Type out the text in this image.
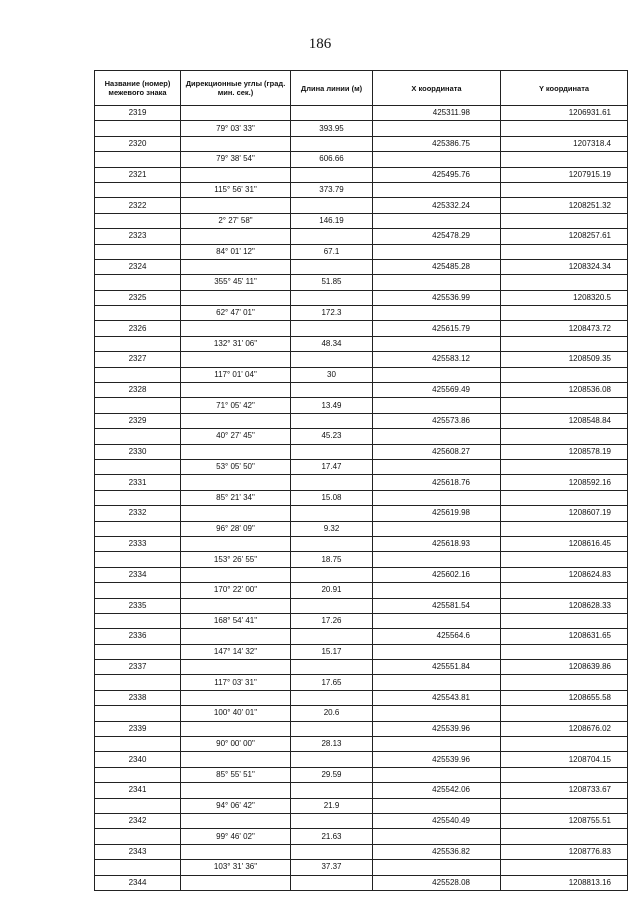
186
Название (номер) межевого знака	Дирекционные углы (град. мин. сек.)	Длина линии (м)	X координата	Y координата
2319			425311.98	1206931.61
	79° 03' 33"	393.95		
2320			425386.75	1207318.4
	79° 38' 54"	606.66		
2321			425495.76	1207915.19
	115° 56' 31"	373.79		
2322			425332.24	1208251.32
	2° 27' 58"	146.19		
2323			425478.29	1208257.61
	84° 01' 12"	67.1		
2324			425485.28	1208324.34
	355° 45' 11"	51.85		
2325			425536.99	1208320.5
	62° 47' 01"	172.3		
2326			425615.79	1208473.72
	132° 31' 06"	48.34		
2327			425583.12	1208509.35
	117° 01' 04"	30		
2328			425569.49	1208536.08
	71° 05' 42"	13.49		
2329			425573.86	1208548.84
	40° 27' 45"	45.23		
2330			425608.27	1208578.19
	53° 05' 50"	17.47		
2331			425618.76	1208592.16
	85° 21' 34"	15.08		
2332			425619.98	1208607.19
	96° 28' 09"	9.32		
2333			425618.93	1208616.45
	153° 26' 55"	18.75		
2334			425602.16	1208624.83
	170° 22' 00"	20.91		
2335			425581.54	1208628.33
	168° 54' 41"	17.26		
2336			425564.6	1208631.65
	147° 14' 32"	15.17		
2337			425551.84	1208639.86
	117° 03' 31"	17.65		
2338			425543.81	1208655.58
	100° 40' 01"	20.6		
2339			425539.96	1208676.02
	90° 00' 00"	28.13		
2340			425539.96	1208704.15
	85° 55' 51"	29.59		
2341			425542.06	1208733.67
	94° 06' 42"	21.9		
2342			425540.49	1208755.51
	99° 46' 02"	21.63		
2343			425536.82	1208776.83
	103° 31' 36"	37.37		
2344			425528.08	1208813.16
